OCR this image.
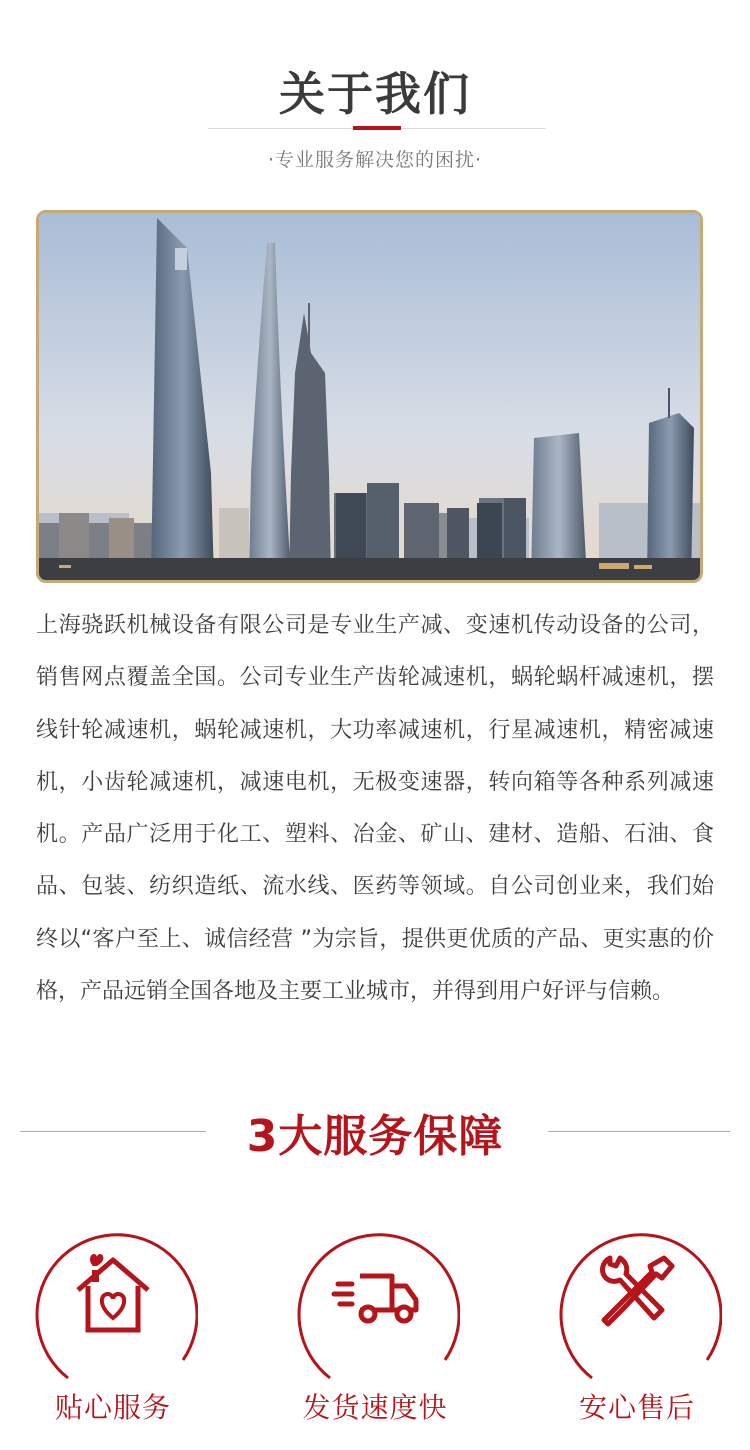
关于我们
·专业服务解决您的困扰·

上海骁跃机械设备有限公司是专业生产减、变速机传动设备的公司，销售网点覆盖全国。公司专业生产齿轮减速机，蜗轮蜗杆减速机，摆线针轮减速机，蜗轮减速机，大功率减速机，行星减速机，精密减速机，小齿轮减速机，减速电机，无极变速器，转向箱等各种系列减速机。产品广泛用于化工、塑料、冶金、矿山、建材、造船、石油、食品、包装、纺织造纸、流水线、医药等领域。自公司创业来，我们始终以“客户至上、诚信经营 ”为宗旨，提供更优质的产品、更实惠的价格，产品远销全国各地及主要工业城市，并得到用户好评与信赖。

3大服务保障
贴心服务	发货速度快	安心售后
